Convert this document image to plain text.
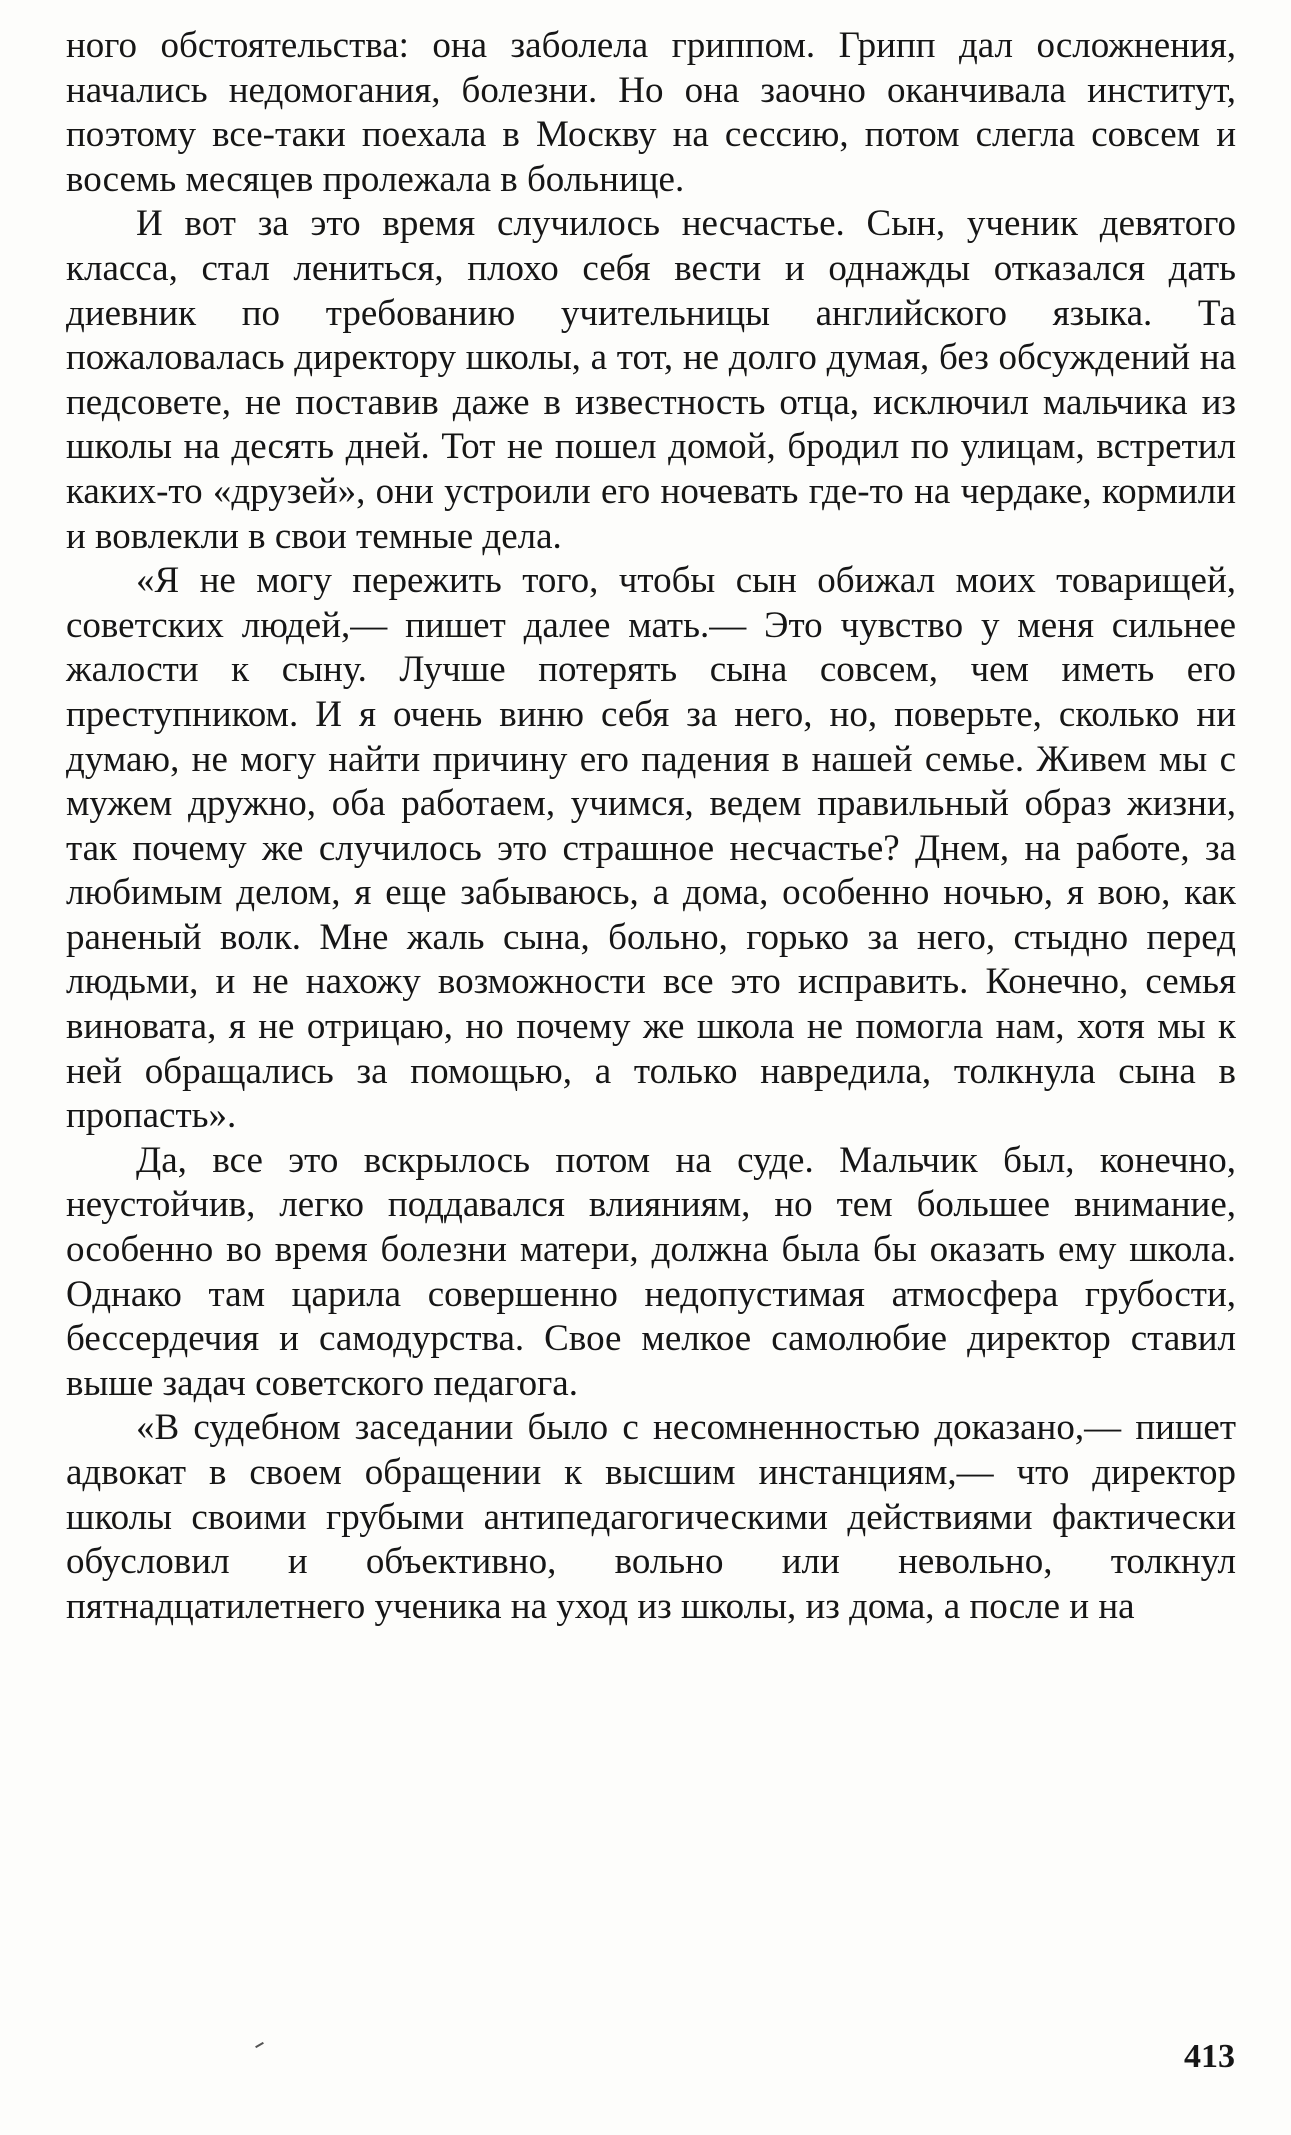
ного обстоятельства: она заболела гриппом. Грипп дал осложнения, начались недомогания, болезни. Но она заочно оканчивала институт, поэтому все-таки поехала в Москву на сессию, потом слегла совсем и восемь месяцев пролежала в больнице.

И вот за это время случилось несчастье. Сын, ученик девятого класса, стал лениться, плохо себя вести и однажды отказался дать диевник по требованию учительницы английского языка. Та пожаловалась директору школы, а тот, не долго думая, без обсуждений на педсовете, не поставив даже в известность отца, исключил мальчика из школы на десять дней. Тот не пошел домой, бродил по улицам, встретил каких-то «друзей», они устроили его ночевать где-то на чердаке, кормили и вовлекли в свои темные дела.

«Я не могу пережить того, чтобы сын обижал моих товарищей, советских людей,— пишет далее мать.— Это чувство у меня сильнее жалости к сыну. Лучше потерять сына совсем, чем иметь его преступником. И я очень виню себя за него, но, поверьте, сколько ни думаю, не могу найти причину его падения в нашей семье. Живем мы с мужем дружно, оба работаем, учимся, ведем правильный образ жизни, так почему же случилось это страшное несчастье? Днем, на работе, за любимым делом, я еще забываюсь, а дома, особенно ночью, я вою, как раненый волк. Мне жаль сына, больно, горько за него, стыдно перед людьми, и не нахожу возможности все это исправить. Конечно, семья виновата, я не отрицаю, но почему же школа не помогла нам, хотя мы к ней обращались за помощью, а только навредила, толкнула сына в пропасть».

Да, все это вскрылось потом на суде. Мальчик был, конечно, неустойчив, легко поддавался влияниям, но тем большее внимание, особенно во время болезни матери, должна была бы оказать ему школа. Однако там царила совершенно недопустимая атмосфера грубости, бессердечия и самодурства. Свое мелкое самолюбие директор ставил выше задач советского педагога.

«В судебном заседании было с несомненностью доказано,— пишет адвокат в своем обращении к высшим инстанциям,— что директор школы своими грубыми антипедагогическими действиями фактически обусловил и объективно, вольно или невольно, толкнул пятнадцатилетнего ученика на уход из школы, из дома, а после и на

413
